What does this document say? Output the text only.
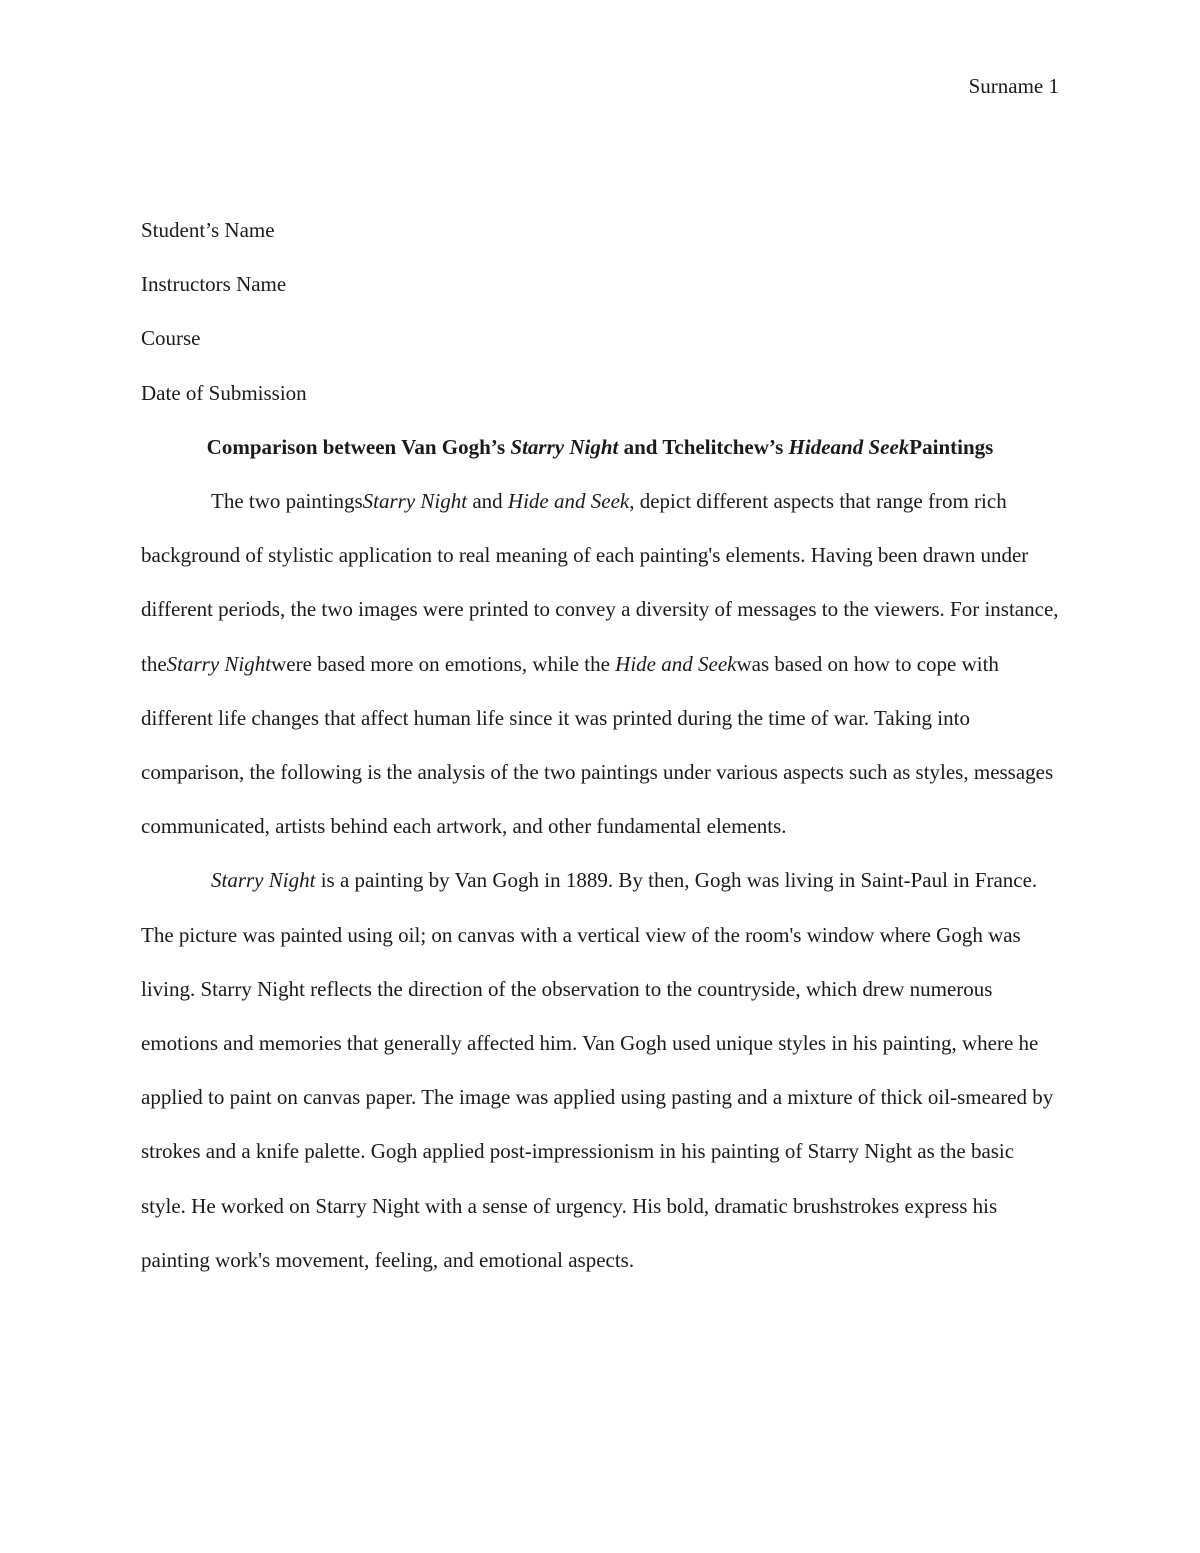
Surname 1

Student’s Name

Instructors Name

Course

Date of Submission

Comparison between Van Gogh’s Starry Night and Tchelitchew’s Hideand SeekPaintings

The two paintingsStarry Night and Hide and Seek, depict different aspects that range from rich background of stylistic application to real meaning of each painting's elements. Having been drawn under different periods, the two images were printed to convey a diversity of messages to the viewers. For instance, theStarry Nightwere based more on emotions, while the Hide and Seekwas based on how to cope with different life changes that affect human life since it was printed during the time of war. Taking into comparison, the following is the analysis of the two paintings under various aspects such as styles, messages communicated, artists behind each artwork, and other fundamental elements.
Starry Night is a painting by Van Gogh in 1889. By then, Gogh was living in Saint-Paul in France. The picture was painted using oil; on canvas with a vertical view of the room's window where Gogh was living. Starry Night reflects the direction of the observation to the countryside, which drew numerous emotions and memories that generally affected him. Van Gogh used unique styles in his painting, where he applied to paint on canvas paper. The image was applied using pasting and a mixture of thick oil-smeared by strokes and a knife palette. Gogh applied post-impressionism in his painting of Starry Night as the basic style. He worked on Starry Night with a sense of urgency. His bold, dramatic brushstrokes express his painting work's movement, feeling, and emotional aspects.
